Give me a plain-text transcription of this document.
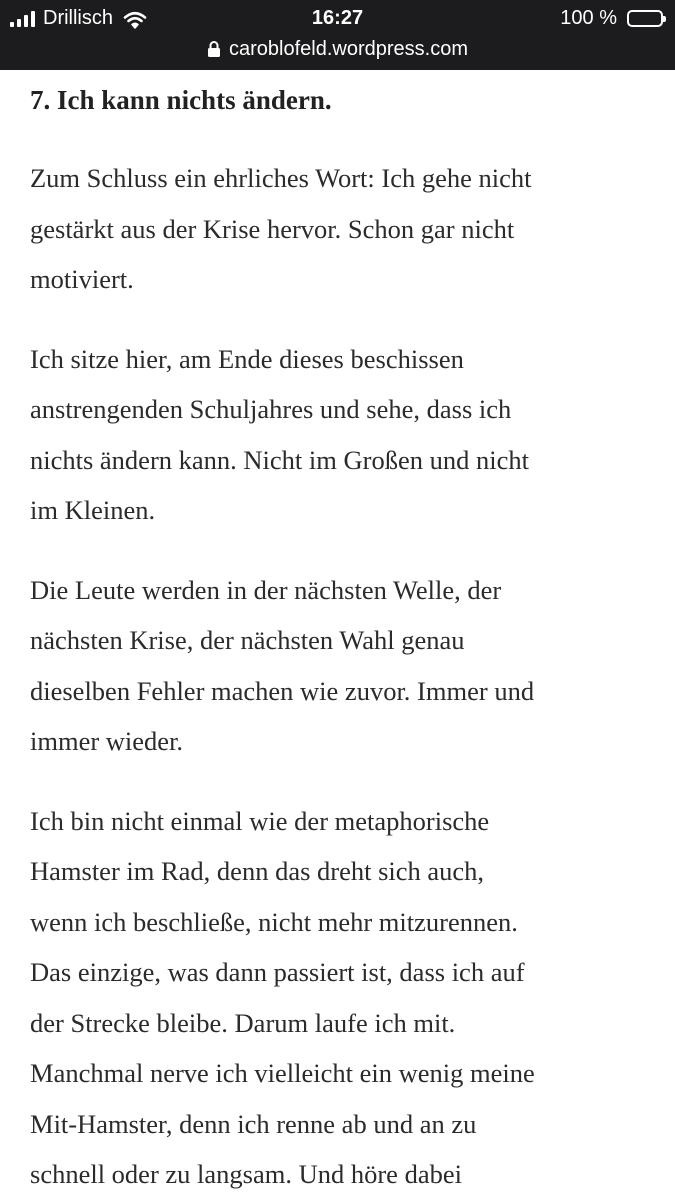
Drillisch	16:27	100 %
caroblofeld.wordpress.com
7. Ich kann nichts ändern.

Zum Schluss ein ehrliches Wort: Ich gehe nicht
gestärkt aus der Krise hervor. Schon gar nicht
motiviert.

Ich sitze hier, am Ende dieses beschissen
anstrengenden Schuljahres und sehe, dass ich
nichts ändern kann. Nicht im Großen und nicht
im Kleinen.

Die Leute werden in der nächsten Welle, der
nächsten Krise, der nächsten Wahl genau
dieselben Fehler machen wie zuvor. Immer und
immer wieder.

Ich bin nicht einmal wie der metaphorische
Hamster im Rad, denn das dreht sich auch,
wenn ich beschließe, nicht mehr mitzurennen.
Das einzige, was dann passiert ist, dass ich auf
der Strecke bleibe. Darum laufe ich mit.
Manchmal nerve ich vielleicht ein wenig meine
Mit-Hamster, denn ich renne ab und an zu
schnell oder zu langsam. Und höre dabei
